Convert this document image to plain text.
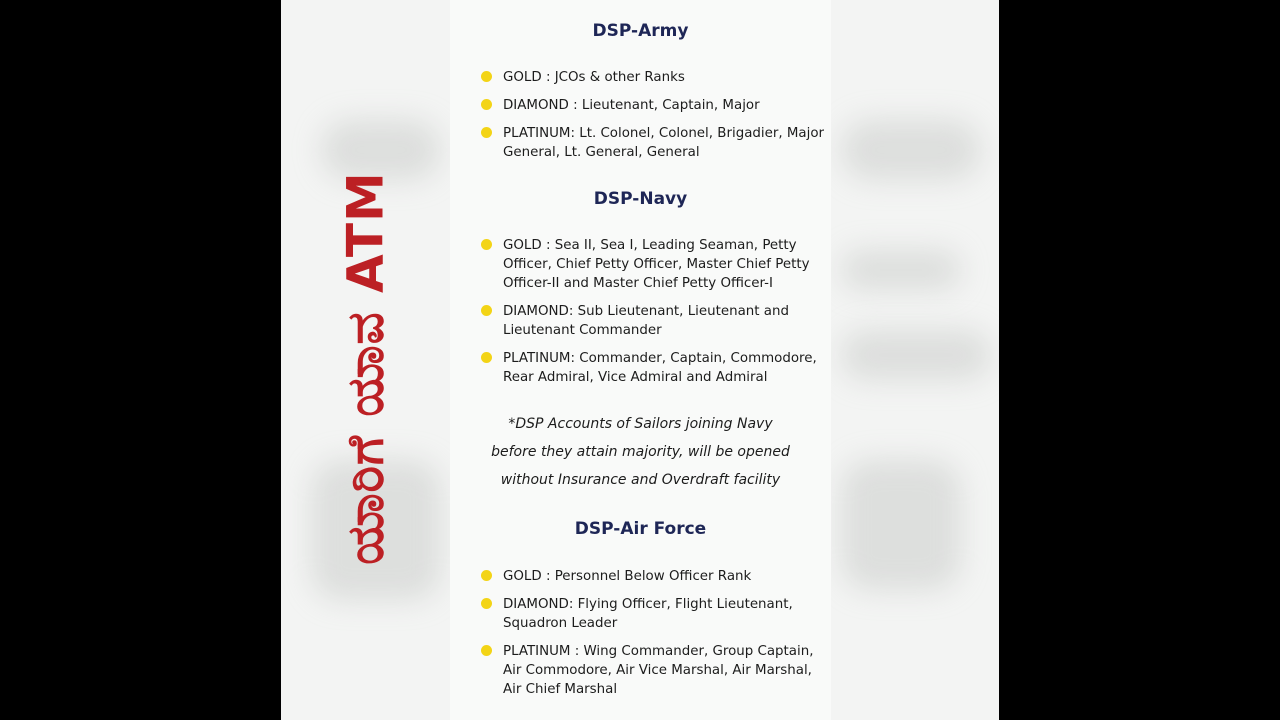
ಯಾರಿಗೆ ಯಾವ ATM
DSP-Army
GOLD : JCOs & other Ranks
DIAMOND : Lieutenant, Captain, Major
PLATINUM: Lt. Colonel, Colonel, Brigadier, Major General, Lt. General, General
DSP-Navy
GOLD : Sea II, Sea I, Leading Seaman, Petty Officer, Chief Petty Officer, Master Chief Petty Officer-II and Master Chief Petty Officer-I
DIAMOND: Sub Lieutenant, Lieutenant and Lieutenant Commander
PLATINUM: Commander, Captain, Commodore, Rear Admiral, Vice Admiral and Admiral
*DSP Accounts of Sailors joining Navy
before they attain majority, will be opened
without Insurance and Overdraft facility
DSP-Air Force
GOLD : Personnel Below Officer Rank
DIAMOND: Flying Officer, Flight Lieutenant, Squadron Leader
PLATINUM : Wing Commander, Group Captain, Air Commodore, Air Vice Marshal, Air Marshal, Air Chief Marshal
